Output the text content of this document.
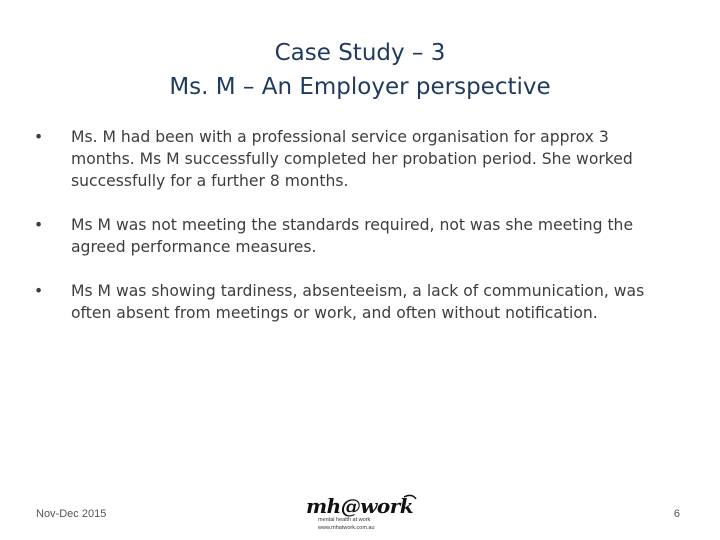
Case Study – 3
Ms. M – An Employer perspective
• Ms. M had been with a professional service organisation for approx 3 months. Ms M successfully completed her probation period. She worked successfully for a further 8 months.
• Ms M was not meeting the standards required, not was she meeting the agreed performance measures.
• Ms M was showing tardiness, absenteeism, a lack of communication, was often absent from meetings or work, and often without notification.
Nov-Dec 2015	mh@work
mental health at work
www.mhatwork.com.au
6
